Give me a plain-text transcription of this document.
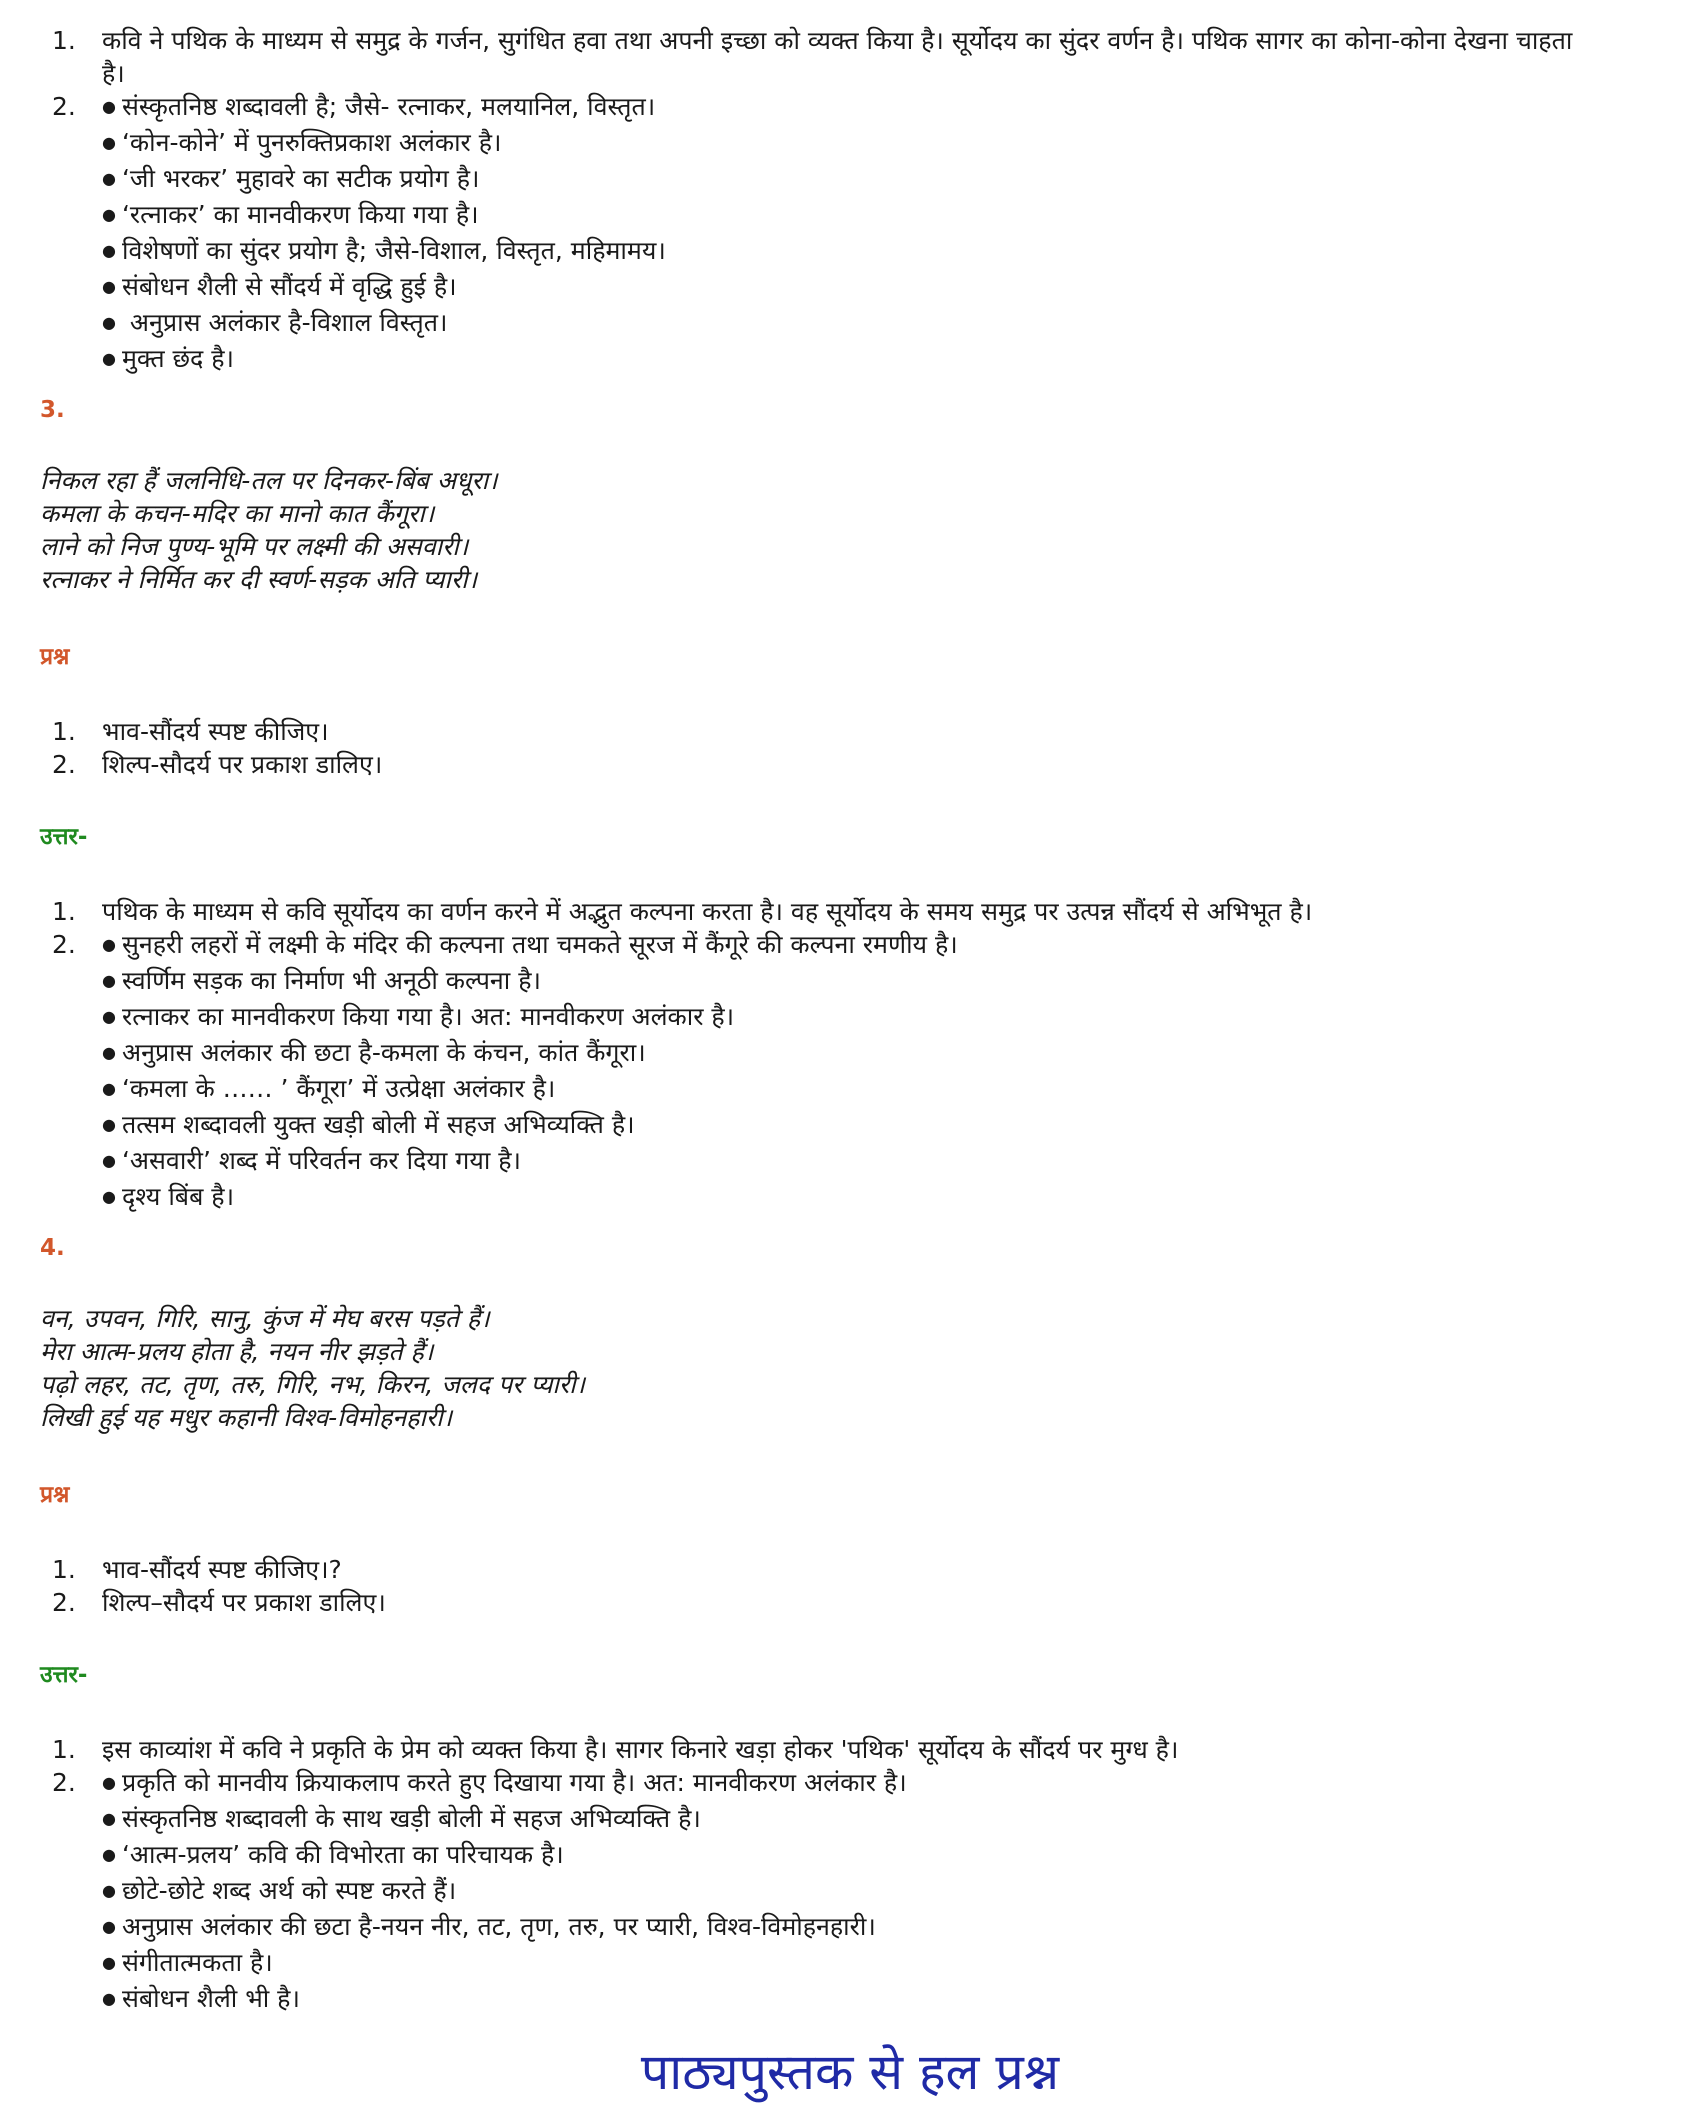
1. कवि ने पथिक के माध्यम से समुद्र के गर्जन, सुगंधित हवा तथा अपनी इच्छा को व्यक्त किया है। सूर्योदय का सुंदर वर्णन है। पथिक सागर का कोना-कोना देखना चाहता
है।
2.	● संस्कृतनिष्ठ शब्दावली है; जैसे- रत्नाकर, मलयानिल, विस्तृत।
● ‘कोन-कोने’ में पुनरुक्तिप्रकाश अलंकार है।
● ‘जी भरकर’ मुहावरे का सटीक प्रयोग है।
● ‘रत्नाकर’ का मानवीकरण किया गया है।
● विशेषणों का सुंदर प्रयोग है; जैसे-विशाल, विस्तृत, महिमामय।
● संबोधन शैली से सौंदर्य में वृद्धि हुई है।
● अनुप्रास अलंकार है-विशाल विस्तृत।
● मुक्त छंद है।
3.

निकल रहा हैं जलनिधि-तल पर दिनकर-बिंब अधूरा।
कमला के कचन-मदिर का मानो कात कैंगूरा।
लाने को निज पुण्य-भूमि पर लक्ष्मी की असवारी।
रत्नाकर ने निर्मित कर दी स्वर्ण-सड़क अति प्यारी।

प्रश्न
1. भाव-सौंदर्य स्पष्ट कीजिए।
2. शिल्प-सौदर्य पर प्रकाश डालिए।
उत्तर-
1. पथिक के माध्यम से कवि सूर्योदय का वर्णन करने में अद्भुत कल्पना करता है। वह सूर्योदय के समय समुद्र पर उत्पन्न सौंदर्य से अभिभूत है।
2.	● सुनहरी लहरों में लक्ष्मी के मंदिर की कल्पना तथा चमकते सूरज में कैंगूरे की कल्पना रमणीय है।
● स्वर्णिम सड़क का निर्माण भी अनूठी कल्पना है।
● रत्नाकर का मानवीकरण किया गया है। अत: मानवीकरण अलंकार है।
● अनुप्रास अलंकार की छटा है-कमला के कंचन, कांत कैंगूरा।
● ‘कमला के …… ’ कैंगूरा’ में उत्प्रेक्षा अलंकार है।
● तत्सम शब्दावली युक्त खड़ी बोली में सहज अभिव्यक्ति है।
● ‘असवारी’ शब्द में परिवर्तन कर दिया गया है।
● दृश्य बिंब है।
4.

वन, उपवन, गिरि, सानु, कुंज में मेघ बरस पड़ते हैं।
मेरा आत्म-प्रलय होता है, नयन नीर झड़ते हैं।
पढ़ो लहर, तट, तृण, तरु, गिरि, नभ, किरन, जलद पर प्यारी।
लिखी हुई यह मधुर कहानी विश्व-विमोहनहारी।

प्रश्न
1. भाव-सौंदर्य स्पष्ट कीजिए।?
2. शिल्प–सौदर्य पर प्रकाश डालिए।
उत्तर-
1. इस काव्यांश में कवि ने प्रकृति के प्रेम को व्यक्त किया है। सागर किनारे खड़ा होकर 'पथिक' सूर्योदय के सौंदर्य पर मुग्ध है।
2.	● प्रकृति को मानवीय क्रियाकलाप करते हुए दिखाया गया है। अत: मानवीकरण अलंकार है।
● संस्कृतनिष्ठ शब्दावली के साथ खड़ी बोली में सहज अभिव्यक्ति है।
● ‘आत्म-प्रलय’ कवि की विभोरता का परिचायक है।
● छोटे-छोटे शब्द अर्थ को स्पष्ट करते हैं।
● अनुप्रास अलंकार की छटा है-नयन नीर, तट, तृण, तरु, पर प्यारी, विश्व-विमोहनहारी।
● संगीतात्मकता है।
● संबोधन शैली भी है।
पाठ्यपुस्तक से हल प्रश्न
